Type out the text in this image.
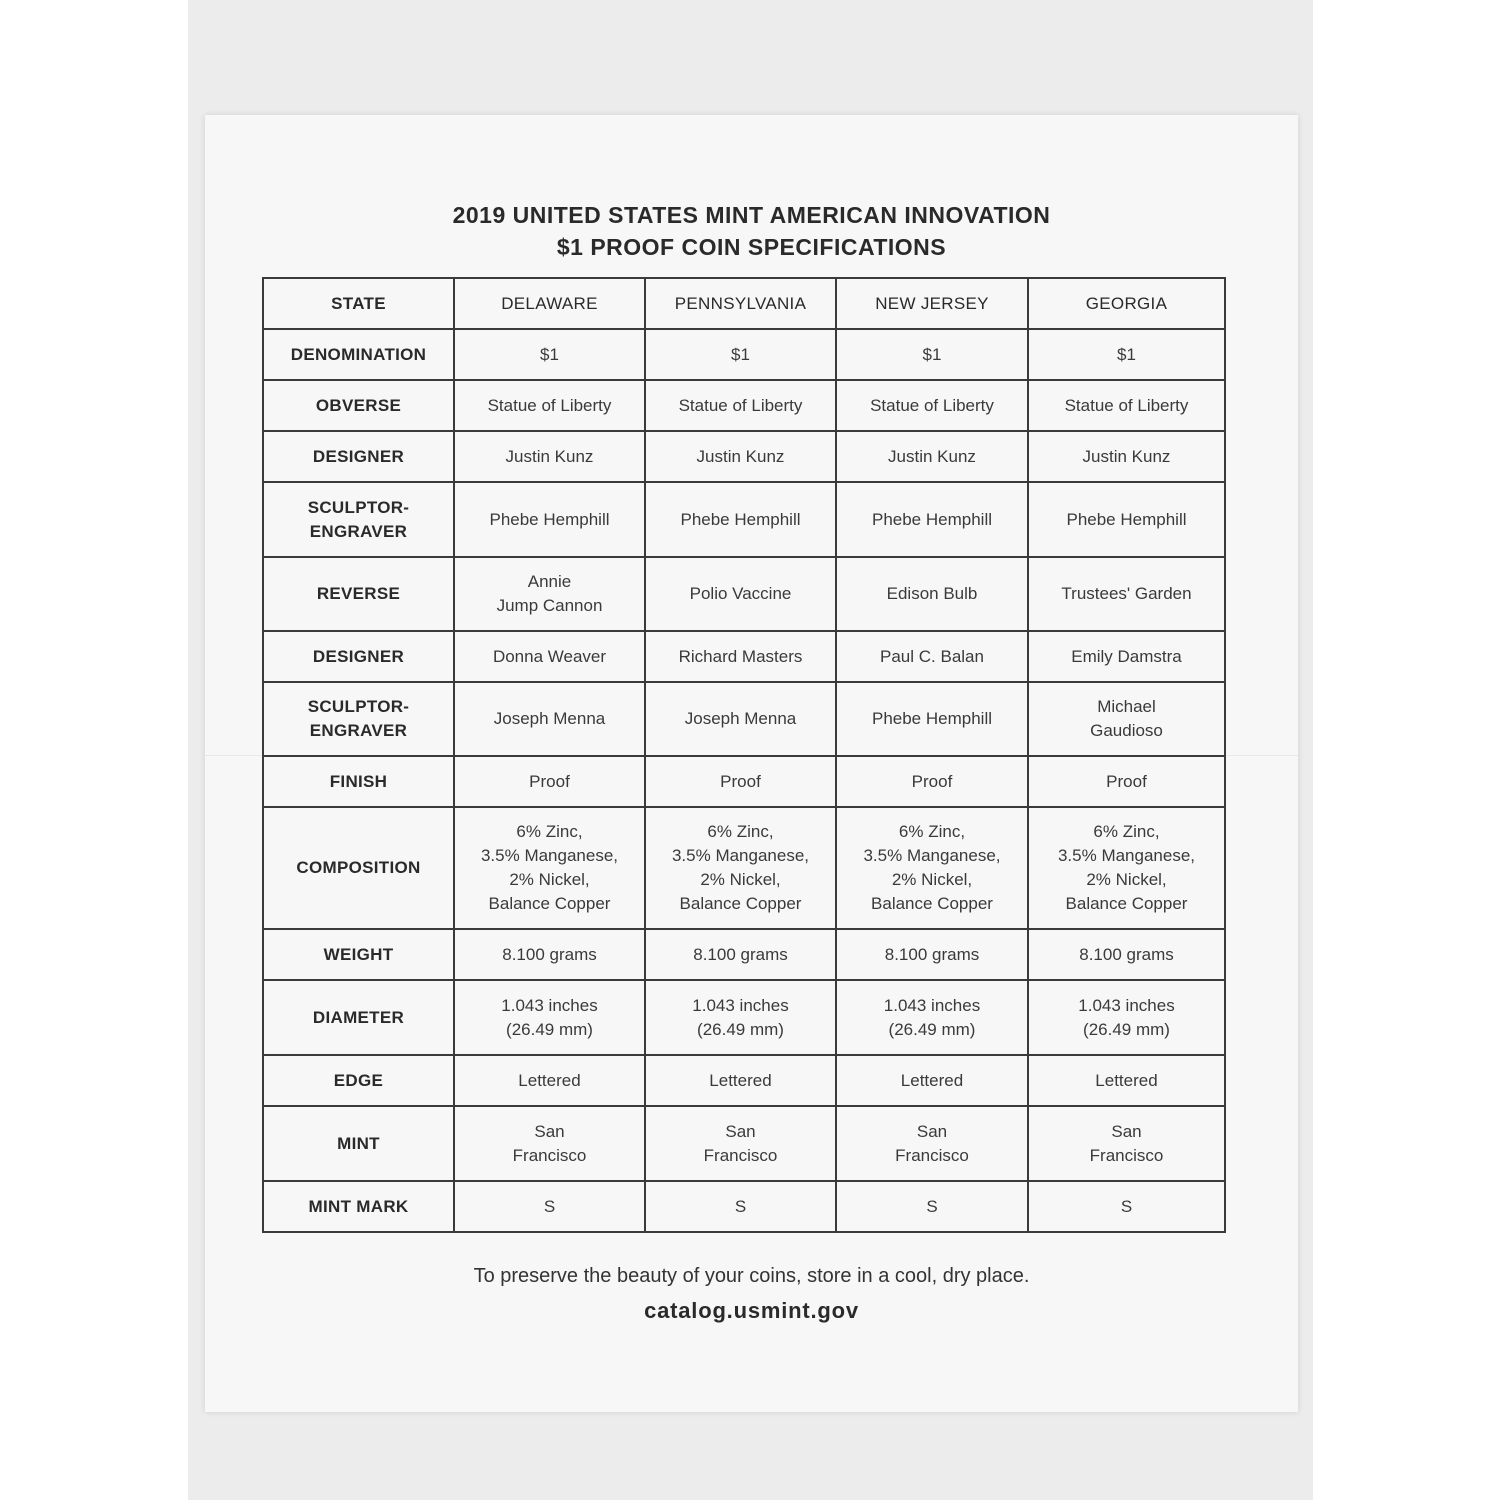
2019 UNITED STATES MINT AMERICAN INNOVATION
$1 PROOF COIN SPECIFICATIONS
STATE	DELAWARE	PENNSYLVANIA	NEW JERSEY	GEORGIA
DENOMINATION	$1	$1	$1	$1
OBVERSE	Statue of Liberty	Statue of Liberty	Statue of Liberty	Statue of Liberty
DESIGNER	Justin Kunz	Justin Kunz	Justin Kunz	Justin Kunz
SCULPTOR-
ENGRAVER	Phebe Hemphill	Phebe Hemphill	Phebe Hemphill	Phebe Hemphill
REVERSE	Annie
Jump Cannon	Polio Vaccine	Edison Bulb	Trustees' Garden
DESIGNER	Donna Weaver	Richard Masters	Paul C. Balan	Emily Damstra
SCULPTOR-
ENGRAVER	Joseph Menna	Joseph Menna	Phebe Hemphill	Michael
Gaudioso
FINISH	Proof	Proof	Proof	Proof
COMPOSITION	6% Zinc,
3.5% Manganese,
2% Nickel,
Balance Copper	6% Zinc,
3.5% Manganese,
2% Nickel,
Balance Copper	6% Zinc,
3.5% Manganese,
2% Nickel,
Balance Copper	6% Zinc,
3.5% Manganese,
2% Nickel,
Balance Copper
WEIGHT	8.100 grams	8.100 grams	8.100 grams	8.100 grams
DIAMETER	1.043 inches
(26.49 mm)	1.043 inches
(26.49 mm)	1.043 inches
(26.49 mm)	1.043 inches
(26.49 mm)
EDGE	Lettered	Lettered	Lettered	Lettered
MINT	San
Francisco	San
Francisco	San
Francisco	San
Francisco
MINT MARK	S	S	S	S
To preserve the beauty of your coins, store in a cool, dry place.
catalog.usmint.gov
